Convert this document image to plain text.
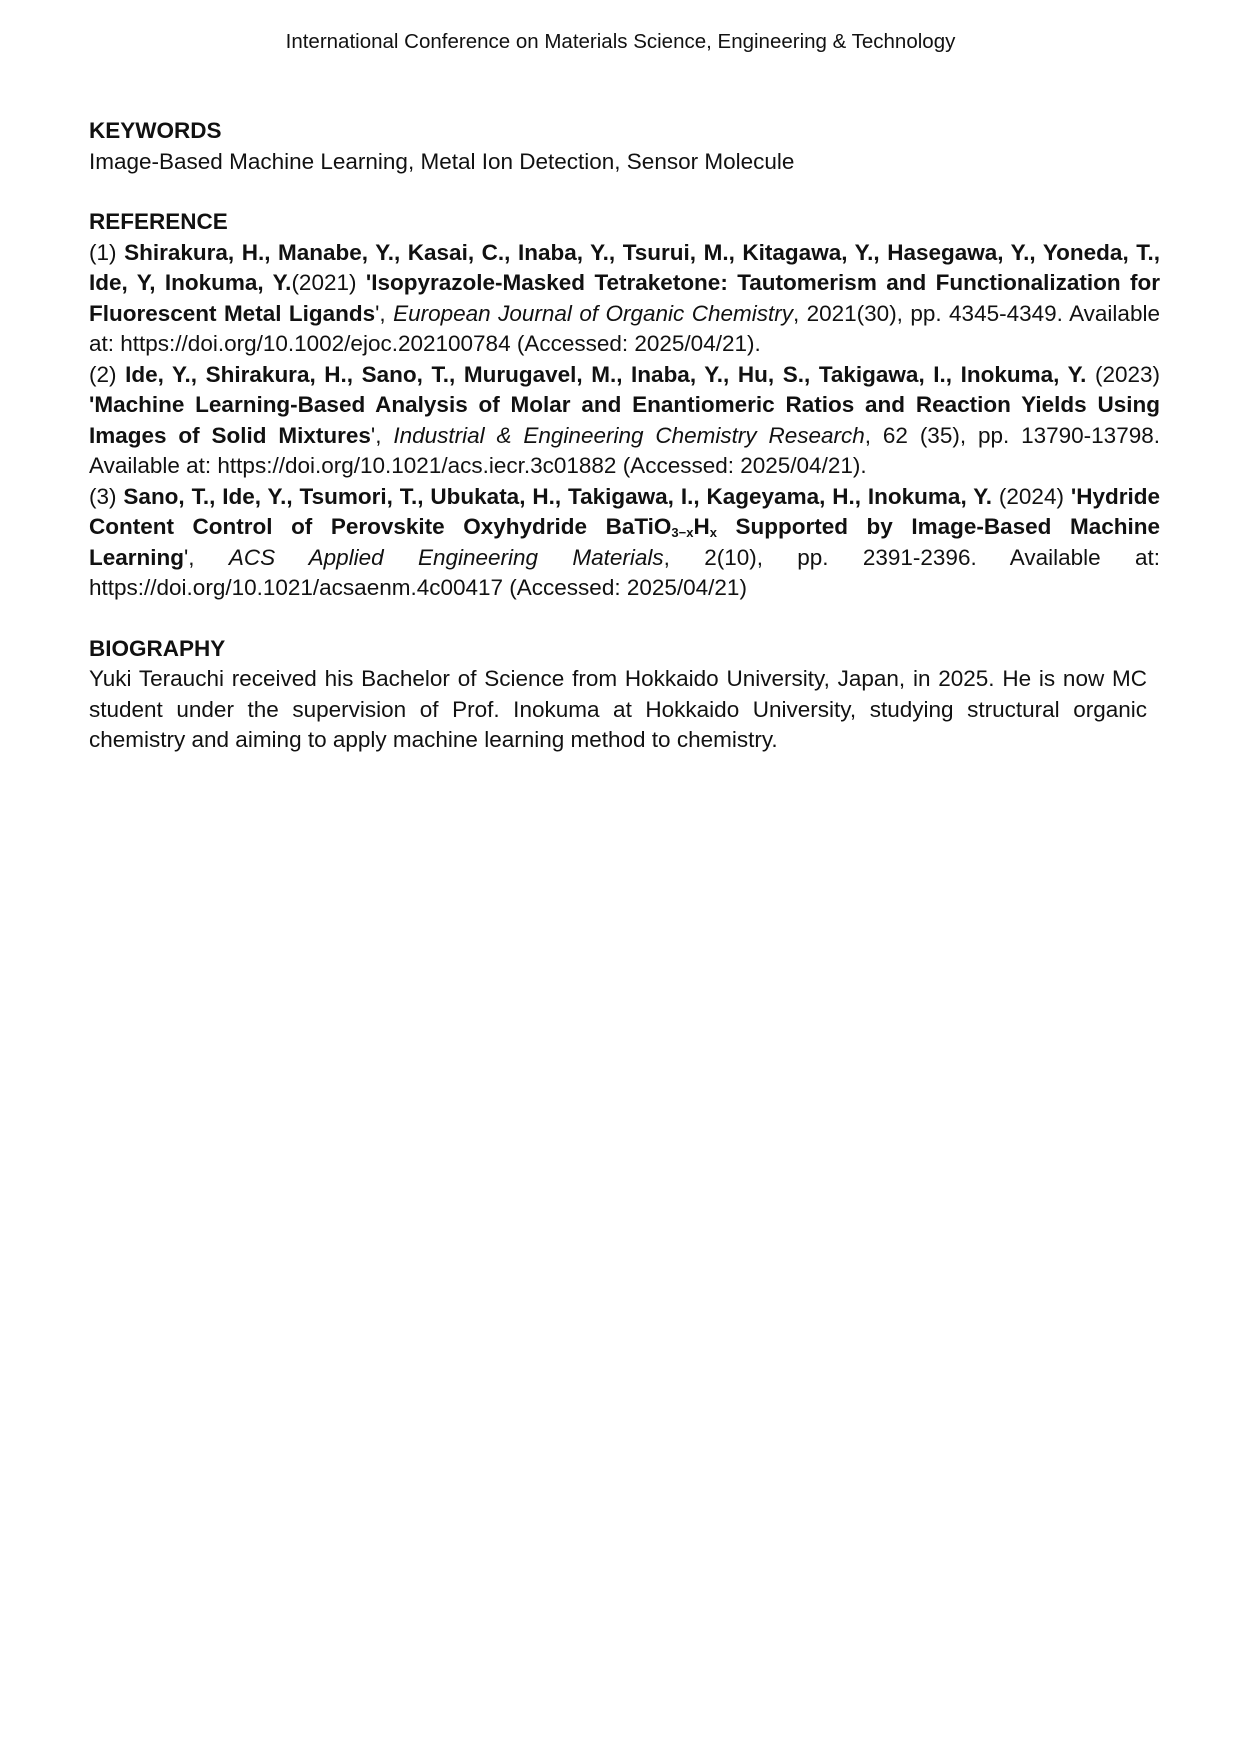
International Conference on Materials Science, Engineering & Technology

KEYWORDS

Image-Based Machine Learning, Metal Ion Detection, Sensor Molecule

REFERENCE

(1) Shirakura, H., Manabe, Y., Kasai, C., Inaba, Y., Tsurui, M., Kitagawa, Y., Hasegawa, Y., Yoneda, T., Ide, Y, Inokuma, Y.(2021) 'Isopyrazole-Masked Tetraketone: Tautomerism and Functionalization for Fluorescent Metal Ligands', European Journal of Organic Chemistry, 2021(30), pp. 4345-4349. Available at: https://doi.org/10.1002/ejoc.202100784 (Accessed: 2025/04/21).

(2) Ide, Y., Shirakura, H., Sano, T., Murugavel, M., Inaba, Y., Hu, S., Takigawa, I., Inokuma, Y. (2023) 'Machine Learning-Based Analysis of Molar and Enantiomeric Ratios and Reaction Yields Using Images of Solid Mixtures', Industrial & Engineering Chemistry Research, 62 (35), pp. 13790-13798. Available at: https://doi.org/10.1021/acs.iecr.3c01882 (Accessed: 2025/04/21).

(3) Sano, T., Ide, Y., Tsumori, T., Ubukata, H., Takigawa, I., Kageyama, H., Inokuma, Y. (2024) 'Hydride Content Control of Perovskite Oxyhydride $BaTiO_{3-x}H_x$ Supported by Image-Based Machine Learning', ACS Applied Engineering Materials, 2(10), pp. 2391-2396. Available at: https://doi.org/10.1021/acsaenm.4c00417 (Accessed: 2025/04/21)

BIOGRAPHY

Yuki Terauchi received his Bachelor of Science from Hokkaido University, Japan, in 2025. He is now MC student under the supervision of Prof. Inokuma at Hokkaido University, studying structural organic chemistry and aiming to apply machine learning method to chemistry.
